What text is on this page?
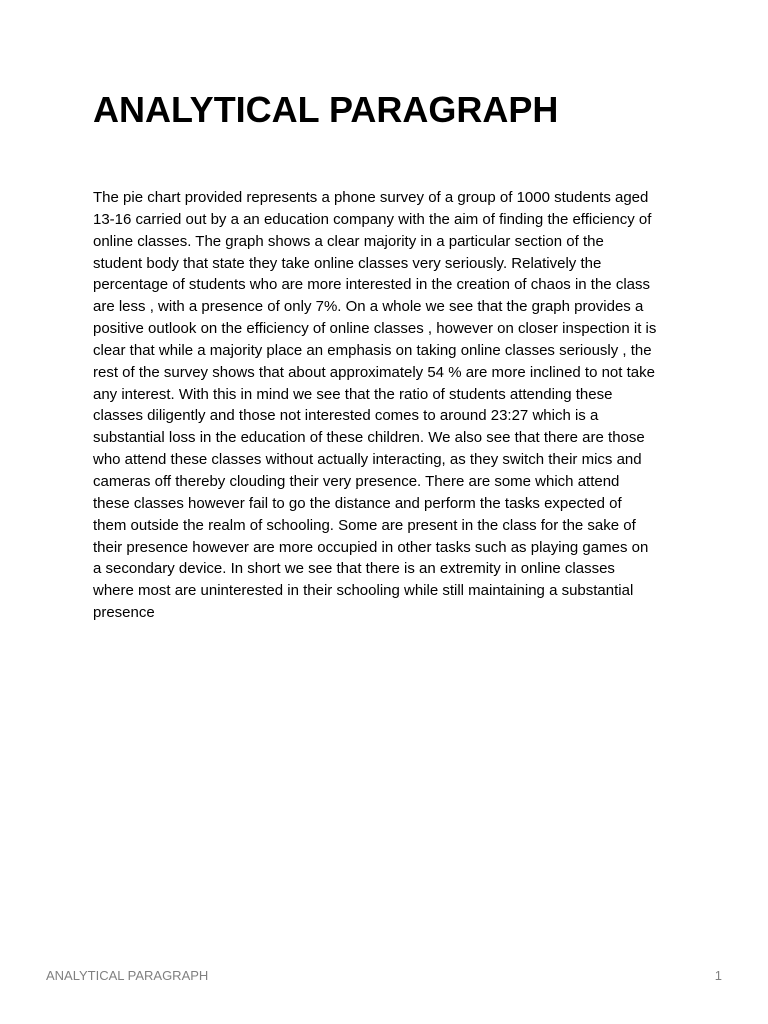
ANALYTICAL PARAGRAPH

The pie chart provided represents a phone survey of a group of 1000 students aged
13-16 carried out by a an education company with the aim of finding the efficiency of
online classes. The graph shows a clear majority in a particular section of the
student body that state they take online classes very seriously. Relatively the
percentage of students who are more interested in the creation of chaos in the class
are less , with a presence of only 7%. On a whole we see that the graph provides a
positive outlook on the efficiency of online classes , however on closer inspection it is
clear that while a majority place an emphasis on taking online classes seriously , the
rest of the survey shows that about approximately 54 % are more inclined to not take
any interest. With this in mind we see that the ratio of students attending these
classes diligently and those not interested comes to around 23:27 which is a
substantial loss in the education of these children. We also see that there are those
who attend these classes without actually interacting, as they switch their mics and
cameras off thereby clouding their very presence. There are some which attend
these classes however fail to go the distance and perform the tasks expected of
them outside the realm of schooling. Some are present in the class for the sake of
their presence however are more occupied in other tasks such as playing games on
a secondary device. In short we see that there is an extremity in online classes
where most are uninterested in their schooling while still maintaining a substantial
presence

ANALYTICAL PARAGRAPH	1
